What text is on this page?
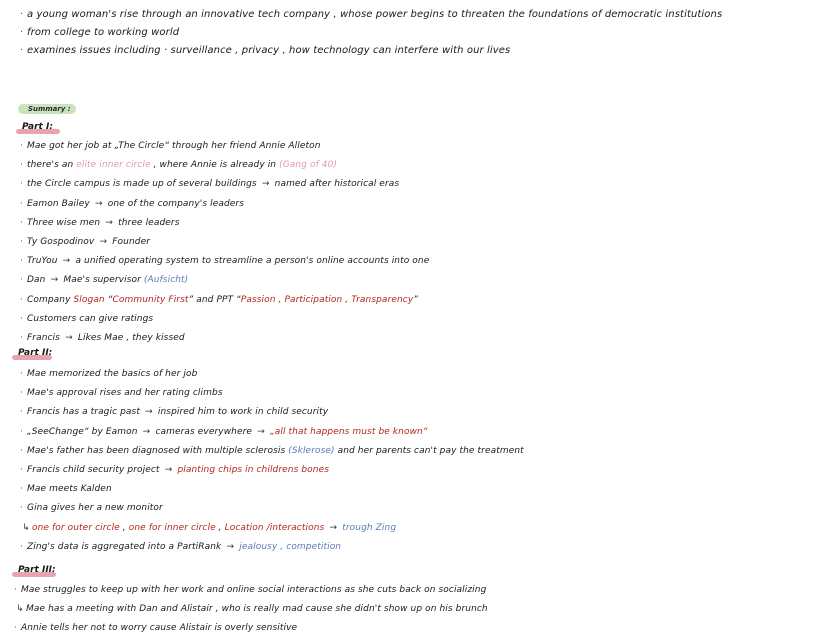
· a young woman's rise through an innovative tech company , whose power begins to threaten the foundations of democratic institutions
· from college to working world
· examines issues including · surveillance , privacy , how technology can interfere with our lives
Summary :
Part I:
· Mae got her job at „The Circle“ through her friend Annie Alleton
· there's an elite inner circle , where Annie is already in (Gang of 40)
· the Circle campus is made up of several buildings → named after historical eras
· Eamon Bailey → one of the company's leaders
· Three wise men → three leaders
· Ty Gospodinov → Founder
· TruYou → a unified operating system to streamline a person's online accounts into one
· Dan → Mae's supervisor (Aufsicht)
· Company Slogan “Community First” and PPT “Passion , Participation , Transparency”
· Customers can give ratings
· Francis → Likes Mae , they kissed
Part II:
· Mae memorized the basics of her job
· Mae's approval rises and her rating climbs
· Francis has a tragic past → inspired him to work in child security
· „SeeChange“ by Eamon → cameras everywhere → „all that happens must be known“
· Mae's father has been diagnosed with multiple sclerosis (Sklerose) and her parents can't pay the treatment
· Francis child security project → planting chips in childrens bones
· Mae meets Kalden
· Gina gives her a new monitor
↳ one for outer circle , one for inner circle , Location /interactions → trough Zing
· Zing's data is aggregated into a PartiRank → jealousy , competition
Part III:
· Mae struggles to keep up with her work and online social interactions as she cuts back on socializing
↳ Mae has a meeting with Dan and Alistair , who is really mad cause she didn't show up on his brunch
· Annie tells her not to worry cause Alistair is overly sensitive
